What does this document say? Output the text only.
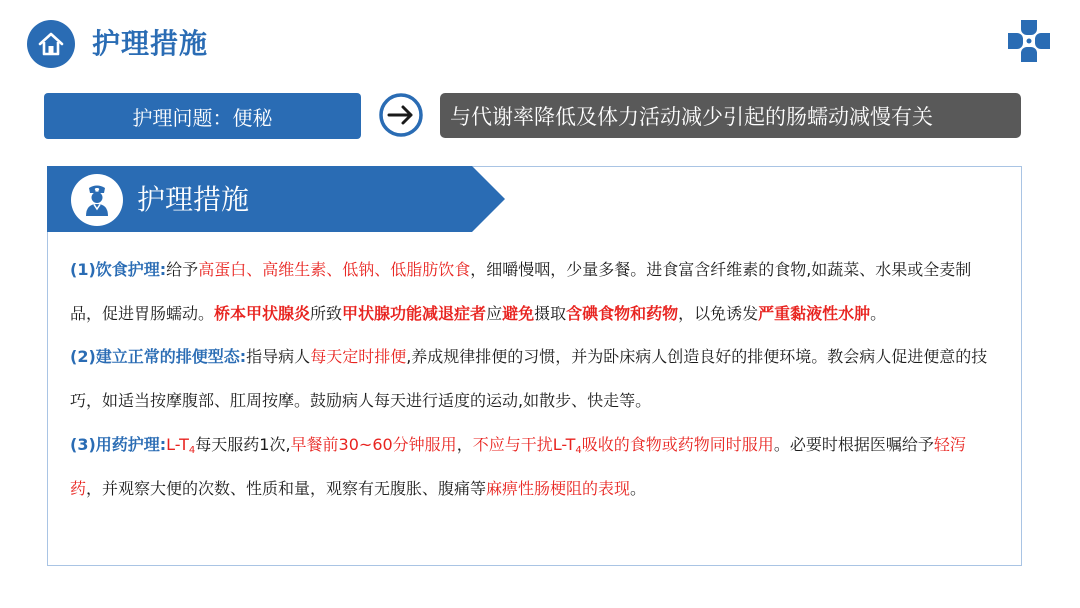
护理措施
护理问题：便秘	与代谢率降低及体力活动减少引起的肠蠕动减慢有关
护理措施

(1)饮食护理:给予高蛋白、高维生素、低钠、低脂肪饮食，细嚼慢咽，少量多餐。进食富含纤维素的食物,如蔬菜、水果或全麦制品，促进胃肠蠕动。桥本甲状腺炎所致甲状腺功能减退症者应避免摄取含碘食物和药物，以免诱发严重黏液性水肿。

(2)建立正常的排便型态:指导病人每天定时排便,养成规律排便的习惯，并为卧床病人创造良好的排便环境。教会病人促进便意的技巧，如适当按摩腹部、肛周按摩。鼓励病人每天进行适度的运动,如散步、快走等。

(3)用药护理$:L-T_4$每天服药1次,早餐前30~60分钟服用，不应与干扰$L-T_4$吸收的食物或药物同时服用。必要时根据医嘱给予轻泻药，并观察大便的次数、性质和量，观察有无腹胀、腹痛等麻痹性肠梗阻的表现。
